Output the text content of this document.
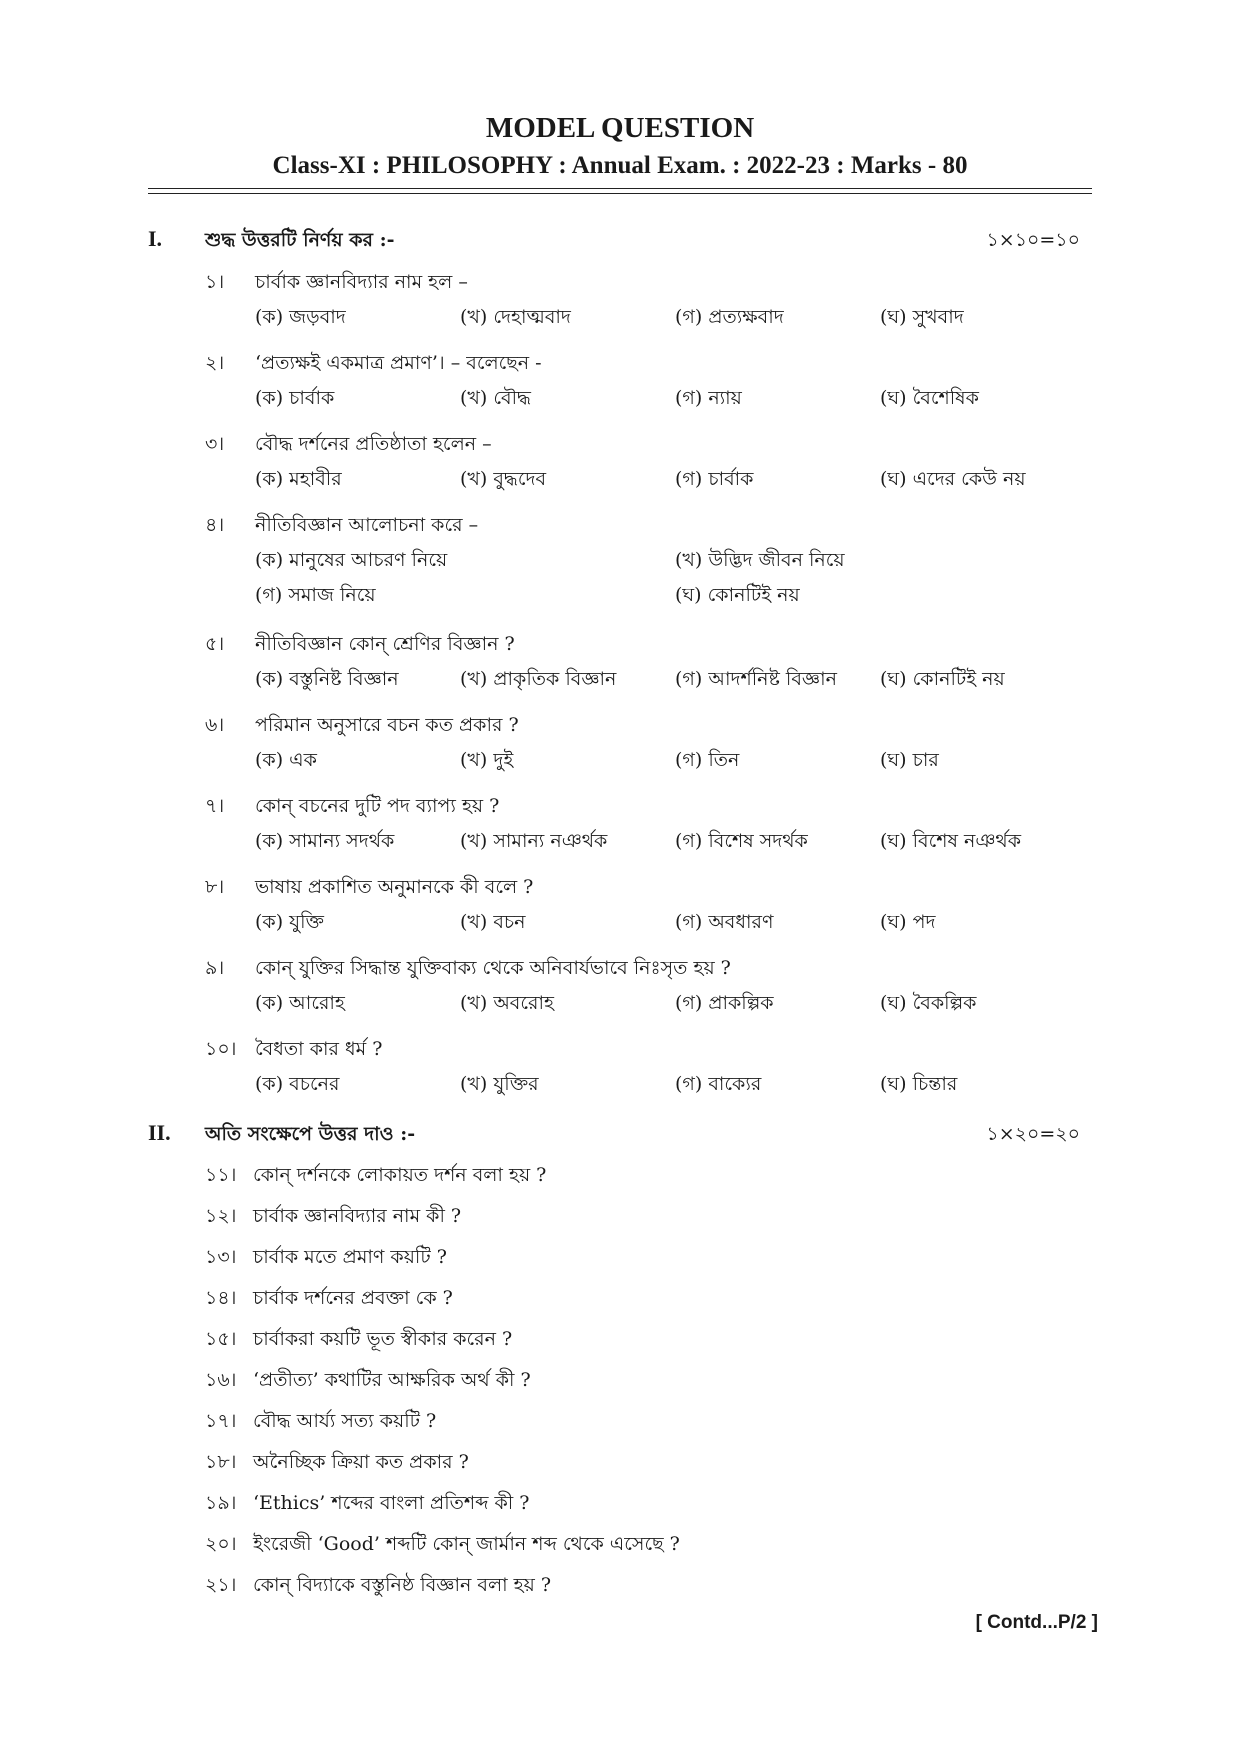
MODEL QUESTION
Class-XI : PHILOSOPHY : Annual Exam. : 2022-23 : Marks - 80
I. শুদ্ধ উত্তরটি নির্ণয় কর :-	১×১০=১০
১। চার্বাক জ্ঞানবিদ্যার নাম হল –
(ক) জড়বাদ	(খ) দেহাত্মবাদ	(গ) প্রত্যক্ষবাদ	(ঘ) সুখবাদ
২। ‘প্রত্যক্ষই একমাত্র প্রমাণ’। – বলেছেন -
(ক) চার্বাক	(খ) বৌদ্ধ	(গ) ন্যায়	(ঘ) বৈশেষিক
৩। বৌদ্ধ দর্শনের প্রতিষ্ঠাতা হলেন –
(ক) মহাবীর	(খ) বুদ্ধদেব	(গ) চার্বাক	(ঘ) এদের কেউ নয়
৪। নীতিবিজ্ঞান আলোচনা করে –
(ক) মানুষের আচরণ নিয়ে	(খ) উদ্ভিদ জীবন নিয়ে
(গ) সমাজ নিয়ে	(ঘ) কোনটিই নয়
৫। নীতিবিজ্ঞান কোন্ শ্রেণির বিজ্ঞান ?
(ক) বস্তুনিষ্ট বিজ্ঞান	(খ) প্রাকৃতিক বিজ্ঞান	(গ) আদর্শনিষ্ট বিজ্ঞান (ঘ) কোনটিই নয়
৬। পরিমান অনুসারে বচন কত প্রকার ?
(ক) এক	(খ) দুই	(গ) তিন	(ঘ) চার
৭। কোন্ বচনের দুটি পদ ব্যাপ্য হয় ?
(ক) সামান্য সদর্থক	(খ) সামান্য নঞর্থক	(গ) বিশেষ সদর্থক	(ঘ) বিশেষ নঞর্থক
৮। ভাষায় প্রকাশিত অনুমানকে কী বলে ?
(ক) যুক্তি	(খ) বচন	(গ) অবধারণ	(ঘ) পদ
৯। কোন্ যুক্তির সিদ্ধান্ত যুক্তিবাক্য থেকে অনিবার্যভাবে নিঃসৃত হয় ?
(ক) আরোহ	(খ) অবরোহ	(গ) প্রাকল্পিক	(ঘ) বৈকল্পিক
১০। বৈধতা কার ধর্ম ?
(ক) বচনের	(খ) যুক্তির	(গ) বাক্যের	(ঘ) চিন্তার
II. অতি সংক্ষেপে উত্তর দাও :-	১×২০=২০
১১। কোন্ দর্শনকে লোকায়ত দর্শন বলা হয় ?
১২। চার্বাক জ্ঞানবিদ্যার নাম কী ?
১৩। চার্বাক মতে প্রমাণ কয়টি ?
১৪। চার্বাক দর্শনের প্রবক্তা কে ?
১৫। চার্বাকরা কয়টি ভূত স্বীকার করেন ?
১৬। ‘প্রতীত্য’ কথাটির আক্ষরিক অর্থ কী ?
১৭। বৌদ্ধ আর্য্য সত্য কয়টি ?
১৮। অনৈচ্ছিক ক্রিয়া কত প্রকার ?
১৯। ‘Ethics’ শব্দের বাংলা প্রতিশব্দ কী ?
২০। ইংরেজী ‘Good’ শব্দটি কোন্ জার্মান শব্দ থেকে এসেছে ?
২১। কোন্ বিদ্যাকে বস্তুনিষ্ঠ বিজ্ঞান বলা হয় ?
[ Contd...P/2 ]
